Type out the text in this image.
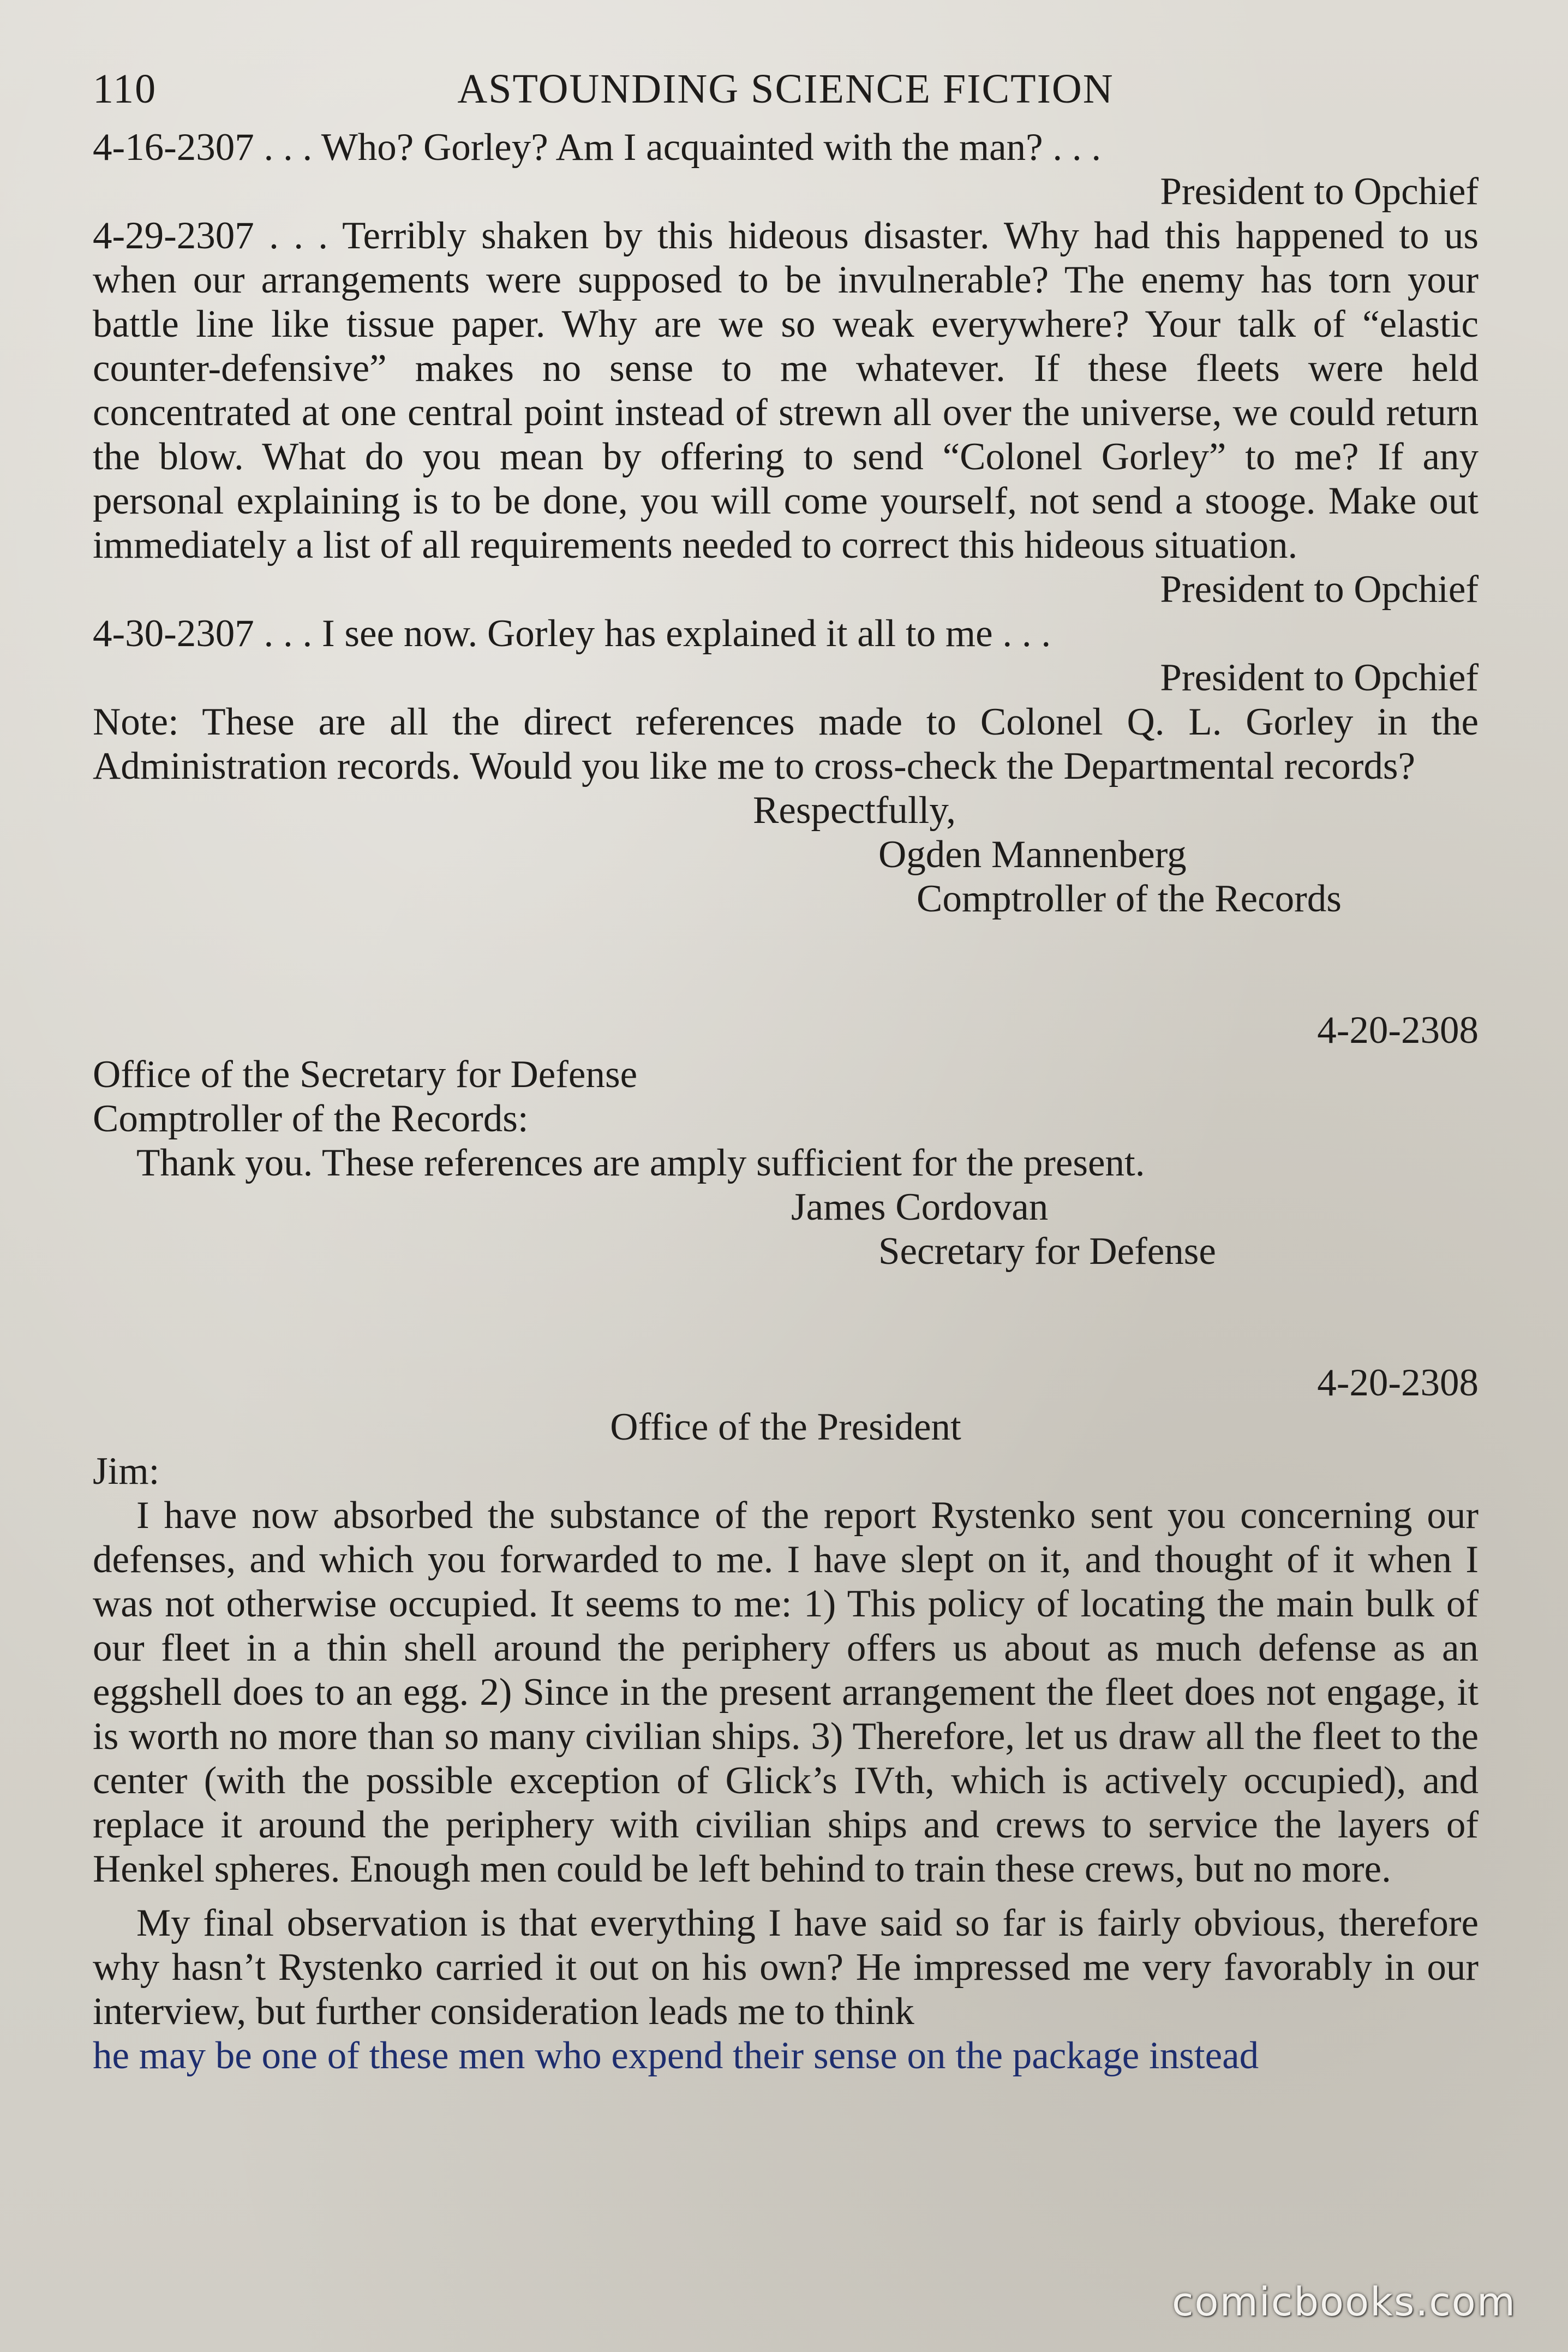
110	ASTOUNDING SCIENCE FICTION

4-16-2307 . . . Who? Gorley? Am I acquainted with the man? . . .

President to Opchief

4-29-2307 . . . Terribly shaken by this hideous disaster. Why had this happened to us when our arrangements were supposed to be invulnerable? The enemy has torn your battle line like tissue paper. Why are we so weak everywhere? Your talk of “elastic counter-defensive” makes no sense to me whatever. If these fleets were held concentrated at one central point instead of strewn all over the universe, we could return the blow. What do you mean by offering to send “Colonel Gorley” to me? If any personal explaining is to be done, you will come yourself, not send a stooge. Make out immediately a list of all requirements needed to correct this hideous situation.

President to Opchief

4-30-2307 . . . I see now. Gorley has explained it all to me . . .

President to Opchief

Note: These are all the direct references made to Colonel Q. L. Gorley in the Administration records. Would you like me to cross-check the Departmental records?

Respectfully,
Ogden Mannenberg
Comptroller of the Records
4-20-2308
Office of the Secretary for Defense
Comptroller of the Records:
Thank you. These references are amply sufficient for the present.
James Cordovan
Secretary for Defense
4-20-2308
Office of the President
Jim:

I have now absorbed the substance of the report Rystenko sent you concerning our defenses, and which you forwarded to me. I have slept on it, and thought of it when I was not otherwise occupied. It seems to me: 1) This policy of locating the main bulk of our fleet in a thin shell around the periphery offers us about as much defense as an eggshell does to an egg. 2) Since in the present arrangement the fleet does not engage, it is worth no more than so many civilian ships. 3) Therefore, let us draw all the fleet to the center (with the possible exception of Glick’s IVth, which is actively occupied), and replace it around the periphery with civilian ships and crews to service the layers of Henkel spheres. Enough men could be left behind to train these crews, but no more.

My final observation is that everything I have said so far is fairly obvious, therefore why hasn’t Rystenko carried it out on his own? He impressed me very favorably in our interview, but further consideration leads me to think

he may be one of these men who expend their sense on the package instead

comicbooks.com
